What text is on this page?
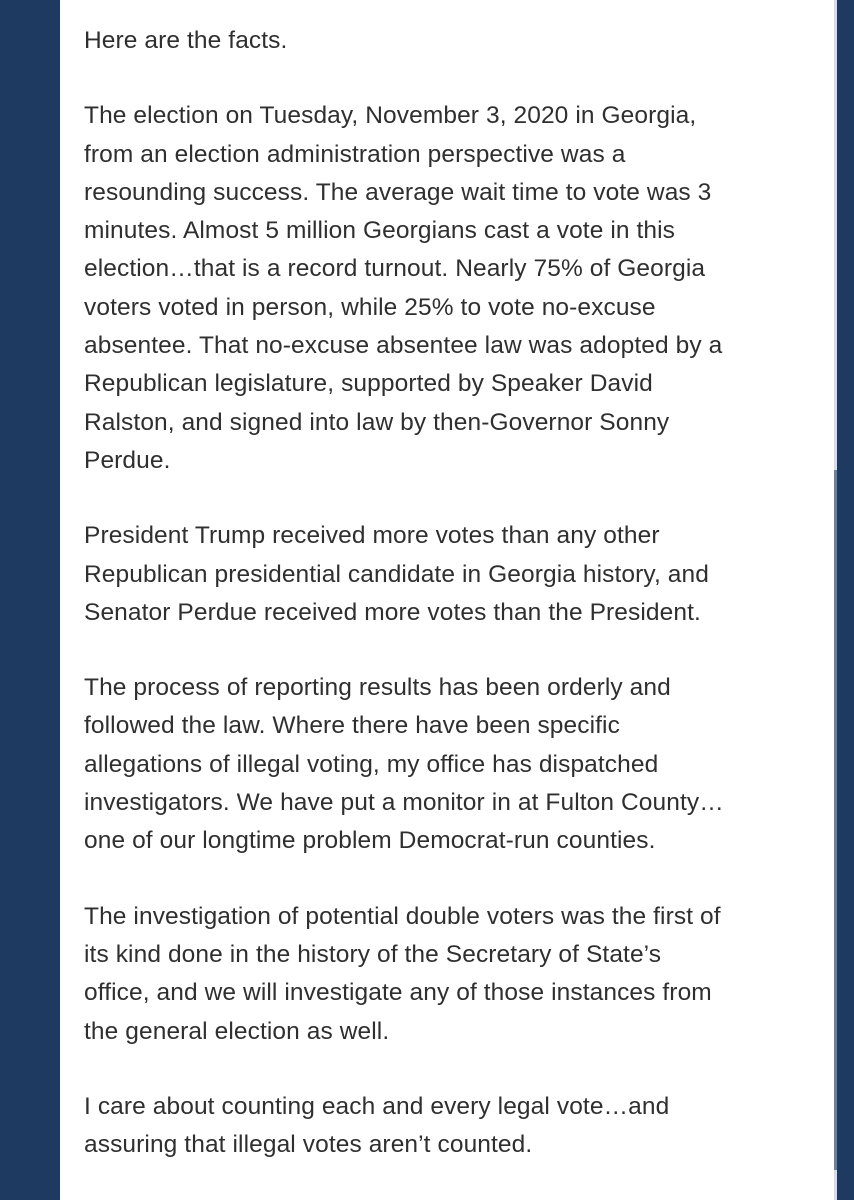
Here are the facts.

The election on Tuesday, November 3, 2020 in Georgia,
from an election administration perspective was a
resounding success. The average wait time to vote was 3
minutes. Almost 5 million Georgians cast a vote in this
election…that is a record turnout. Nearly 75% of Georgia
voters voted in person, while 25% to vote no-excuse
absentee. That no-excuse absentee law was adopted by a
Republican legislature, supported by Speaker David
Ralston, and signed into law by then-Governor Sonny
Perdue.

President Trump received more votes than any other
Republican presidential candidate in Georgia history, and
Senator Perdue received more votes than the President.

The process of reporting results has been orderly and
followed the law. Where there have been specific
allegations of illegal voting, my office has dispatched
investigators. We have put a monitor in at Fulton County…
one of our longtime problem Democrat-run counties.

The investigation of potential double voters was the first of
its kind done in the history of the Secretary of State’s
office, and we will investigate any of those instances from
the general election as well.

I care about counting each and every legal vote…and
assuring that illegal votes aren’t counted.
